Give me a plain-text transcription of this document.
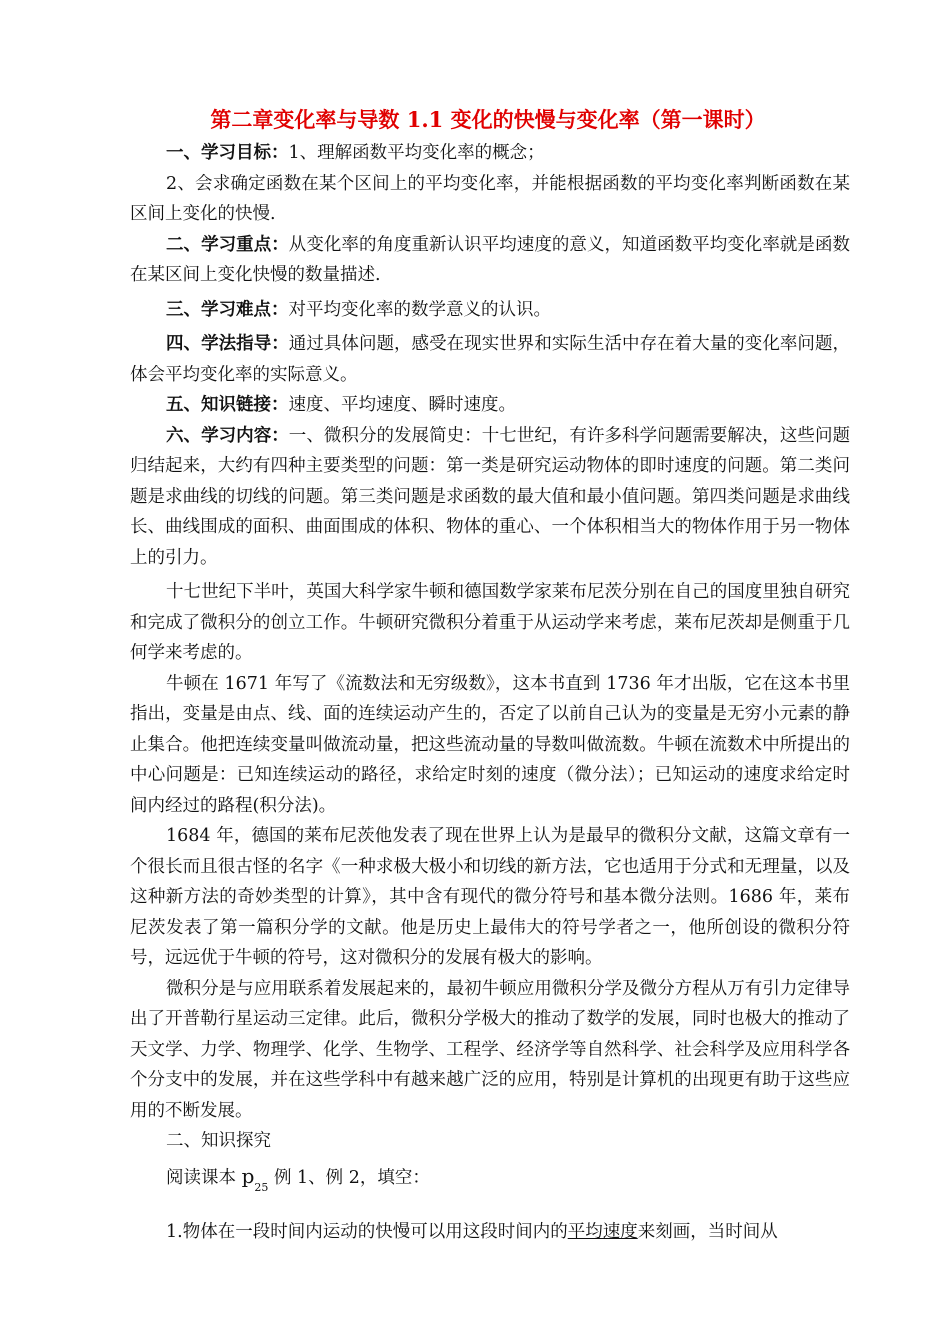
第二章变化率与导数 1.1 变化的快慢与变化率（第一课时）

一、学习目标：1、理解函数平均变化率的概念；

2、会求确定函数在某个区间上的平均变化率，并能根据函数的平均变化率判断函数在某区间上变化的快慢.

二、学习重点：从变化率的角度重新认识平均速度的意义，知道函数平均变化率就是函数在某区间上变化快慢的数量描述.

三、学习难点：对平均变化率的数学意义的认识。

四、学法指导：通过具体问题，感受在现实世界和实际生活中存在着大量的变化率问题，体会平均变化率的实际意义。

五、知识链接：速度、平均速度、瞬时速度。

六、学习内容：一、微积分的发展简史：十七世纪，有许多科学问题需要解决，这些问题归结起来，大约有四种主要类型的问题：第一类是研究运动物体的即时速度的问题。第二类问题是求曲线的切线的问题。第三类问题是求函数的最大值和最小值问题。第四类问题是求曲线长、曲线围成的面积、曲面围成的体积、物体的重心、一个体积相当大的物体作用于另一物体上的引力。

十七世纪下半叶，英国大科学家牛顿和德国数学家莱布尼茨分别在自己的国度里独自研究和完成了微积分的创立工作。牛顿研究微积分着重于从运动学来考虑，莱布尼茨却是侧重于几何学来考虑的。

牛顿在 1671 年写了《流数法和无穷级数》，这本书直到 1736 年才出版，它在这本书里指出，变量是由点、线、面的连续运动产生的，否定了以前自己认为的变量是无穷小元素的静止集合。他把连续变量叫做流动量，把这些流动量的导数叫做流数。牛顿在流数术中所提出的中心问题是：已知连续运动的路径，求给定时刻的速度（微分法）；已知运动的速度求给定时间内经过的路程(积分法)。

1684 年，德国的莱布尼茨他发表了现在世界上认为是最早的微积分文献，这篇文章有一个很长而且很古怪的名字《一种求极大极小和切线的新方法，它也适用于分式和无理量，以及这种新方法的奇妙类型的计算》，其中含有现代的微分符号和基本微分法则。1686 年，莱布尼茨发表了第一篇积分学的文献。他是历史上最伟大的符号学者之一，他所创设的微积分符号，远远优于牛顿的符号，这对微积分的发展有极大的影响。

微积分是与应用联系着发展起来的，最初牛顿应用微积分学及微分方程从万有引力定律导出了开普勒行星运动三定律。此后，微积分学极大的推动了数学的发展，同时也极大的推动了天文学、力学、物理学、化学、生物学、工程学、经济学等自然科学、社会科学及应用科学各个分支中的发展，并在这些学科中有越来越广泛的应用，特别是计算机的出现更有助于这些应用的不断发展。

二、知识探究

阅读课本 $p_{25}$ 例 1、例 2，填空：

1.物体在一段时间内运动的快慢可以用这段时间内的平均速度来刻画，当时间从
